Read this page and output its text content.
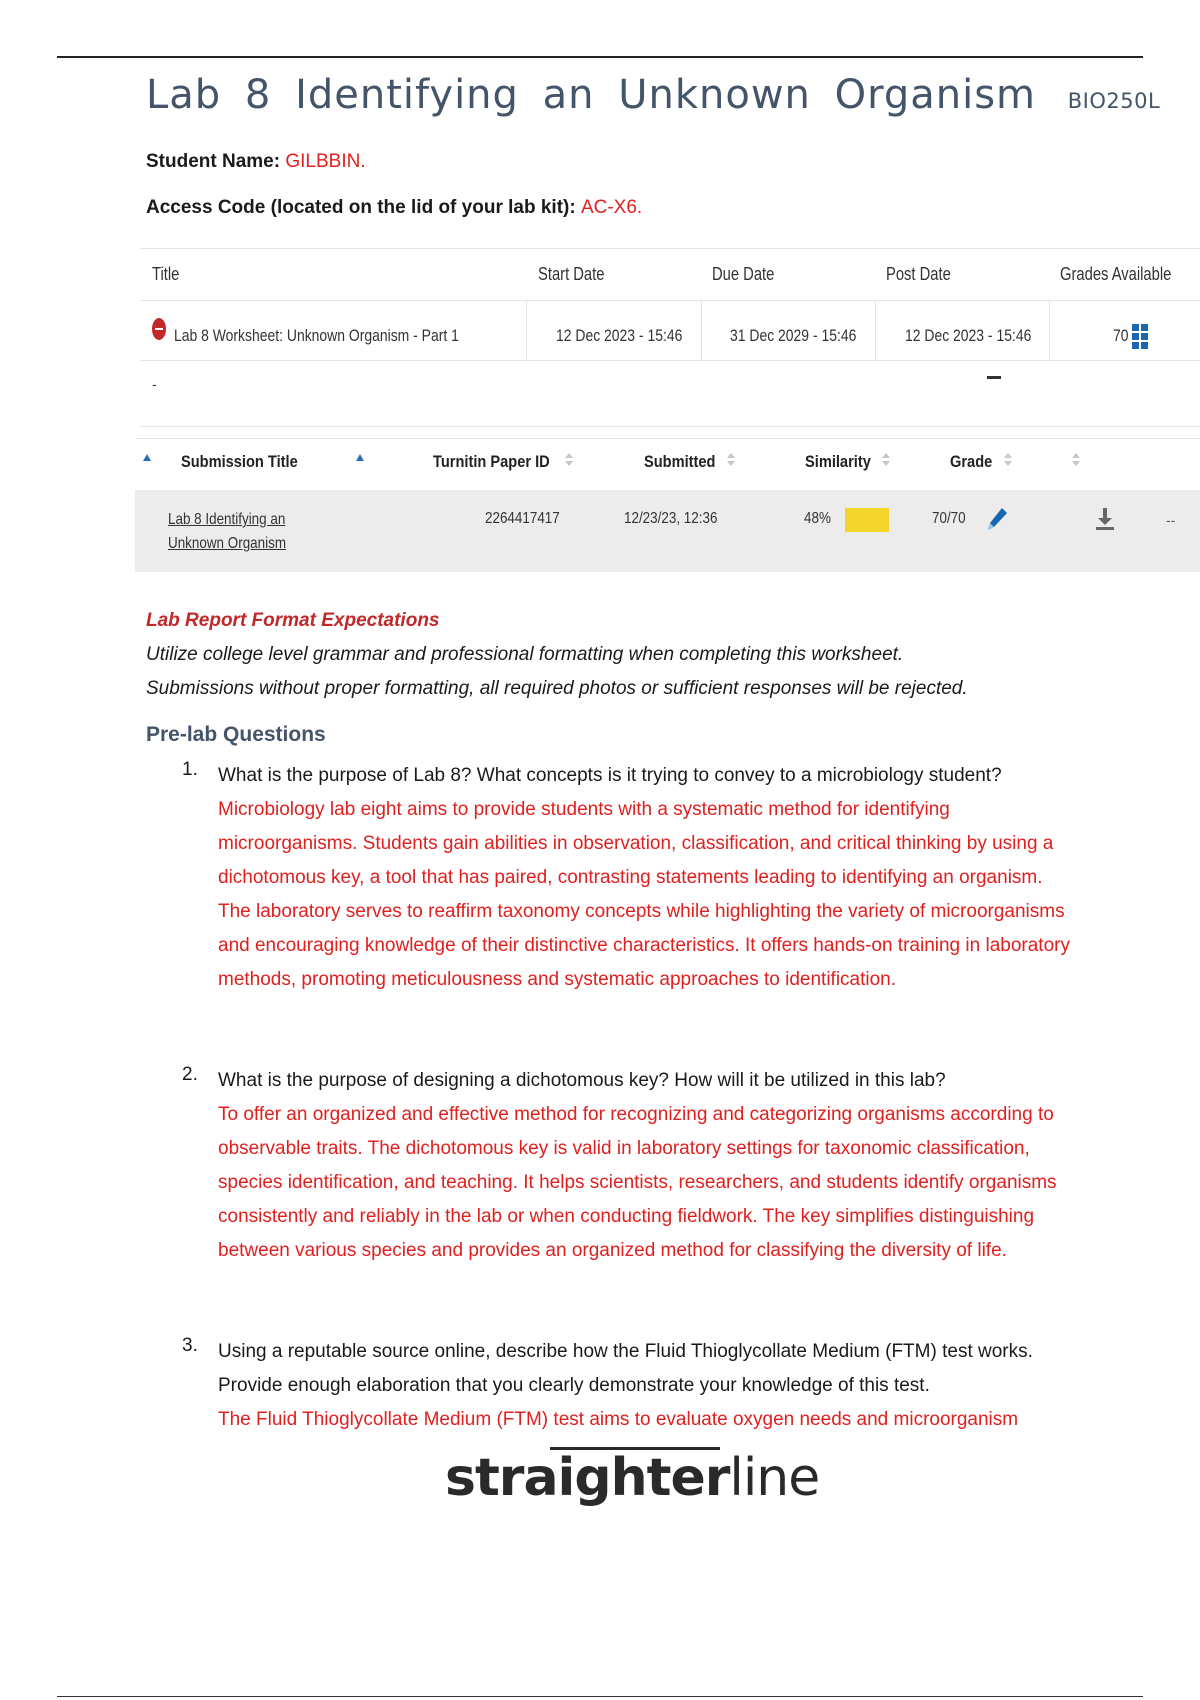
Lab 8 Identifying an Unknown Organism BIO250L
Student Name: GILBBIN.
Access Code (located on the lid of your lab kit): AC-X6.
Title	Start Date	Due Date	Post Date	Grades Available
Lab 8 Worksheet: Unknown Organism - Part 1	12 Dec 2023 - 15:46	31 Dec 2029 - 15:46	12 Dec 2023 - 15:46	70
-
Submission Title	Turnitin Paper ID	Submitted	Similarity	Grade
Lab 8 Identifying an
Unknown Organism
2264417417	12/23/23, 12:36	48%	70/70	--
Lab Report Format Expectations
Utilize college level grammar and professional formatting when completing this worksheet.
Submissions without proper formatting, all required photos or sufficient responses will be rejected.
Pre-lab Questions
1. What is the purpose of Lab 8? What concepts is it trying to convey to a microbiology student?
Microbiology lab eight aims to provide students with a systematic method for identifying microorganisms. Students gain abilities in observation, classification, and critical thinking by using a dichotomous key, a tool that has paired, contrasting statements leading to identifying an organism. The laboratory serves to reaffirm taxonomy concepts while highlighting the variety of microorganisms and encouraging knowledge of their distinctive characteristics. It offers hands-on training in laboratory methods, promoting meticulousness and systematic approaches to identification.
2. What is the purpose of designing a dichotomous key? How will it be utilized in this lab?
To offer an organized and effective method for recognizing and categorizing organisms according to observable traits. The dichotomous key is valid in laboratory settings for taxonomic classification, species identification, and teaching. It helps scientists, researchers, and students identify organisms consistently and reliably in the lab or when conducting fieldwork. The key simplifies distinguishing between various species and provides an organized method for classifying the diversity of life.
3. Using a reputable source online, describe how the Fluid Thioglycollate Medium (FTM) test works. Provide enough elaboration that you clearly demonstrate your knowledge of this test.
The Fluid Thioglycollate Medium (FTM) test aims to evaluate oxygen needs and microorganism
straighterline
